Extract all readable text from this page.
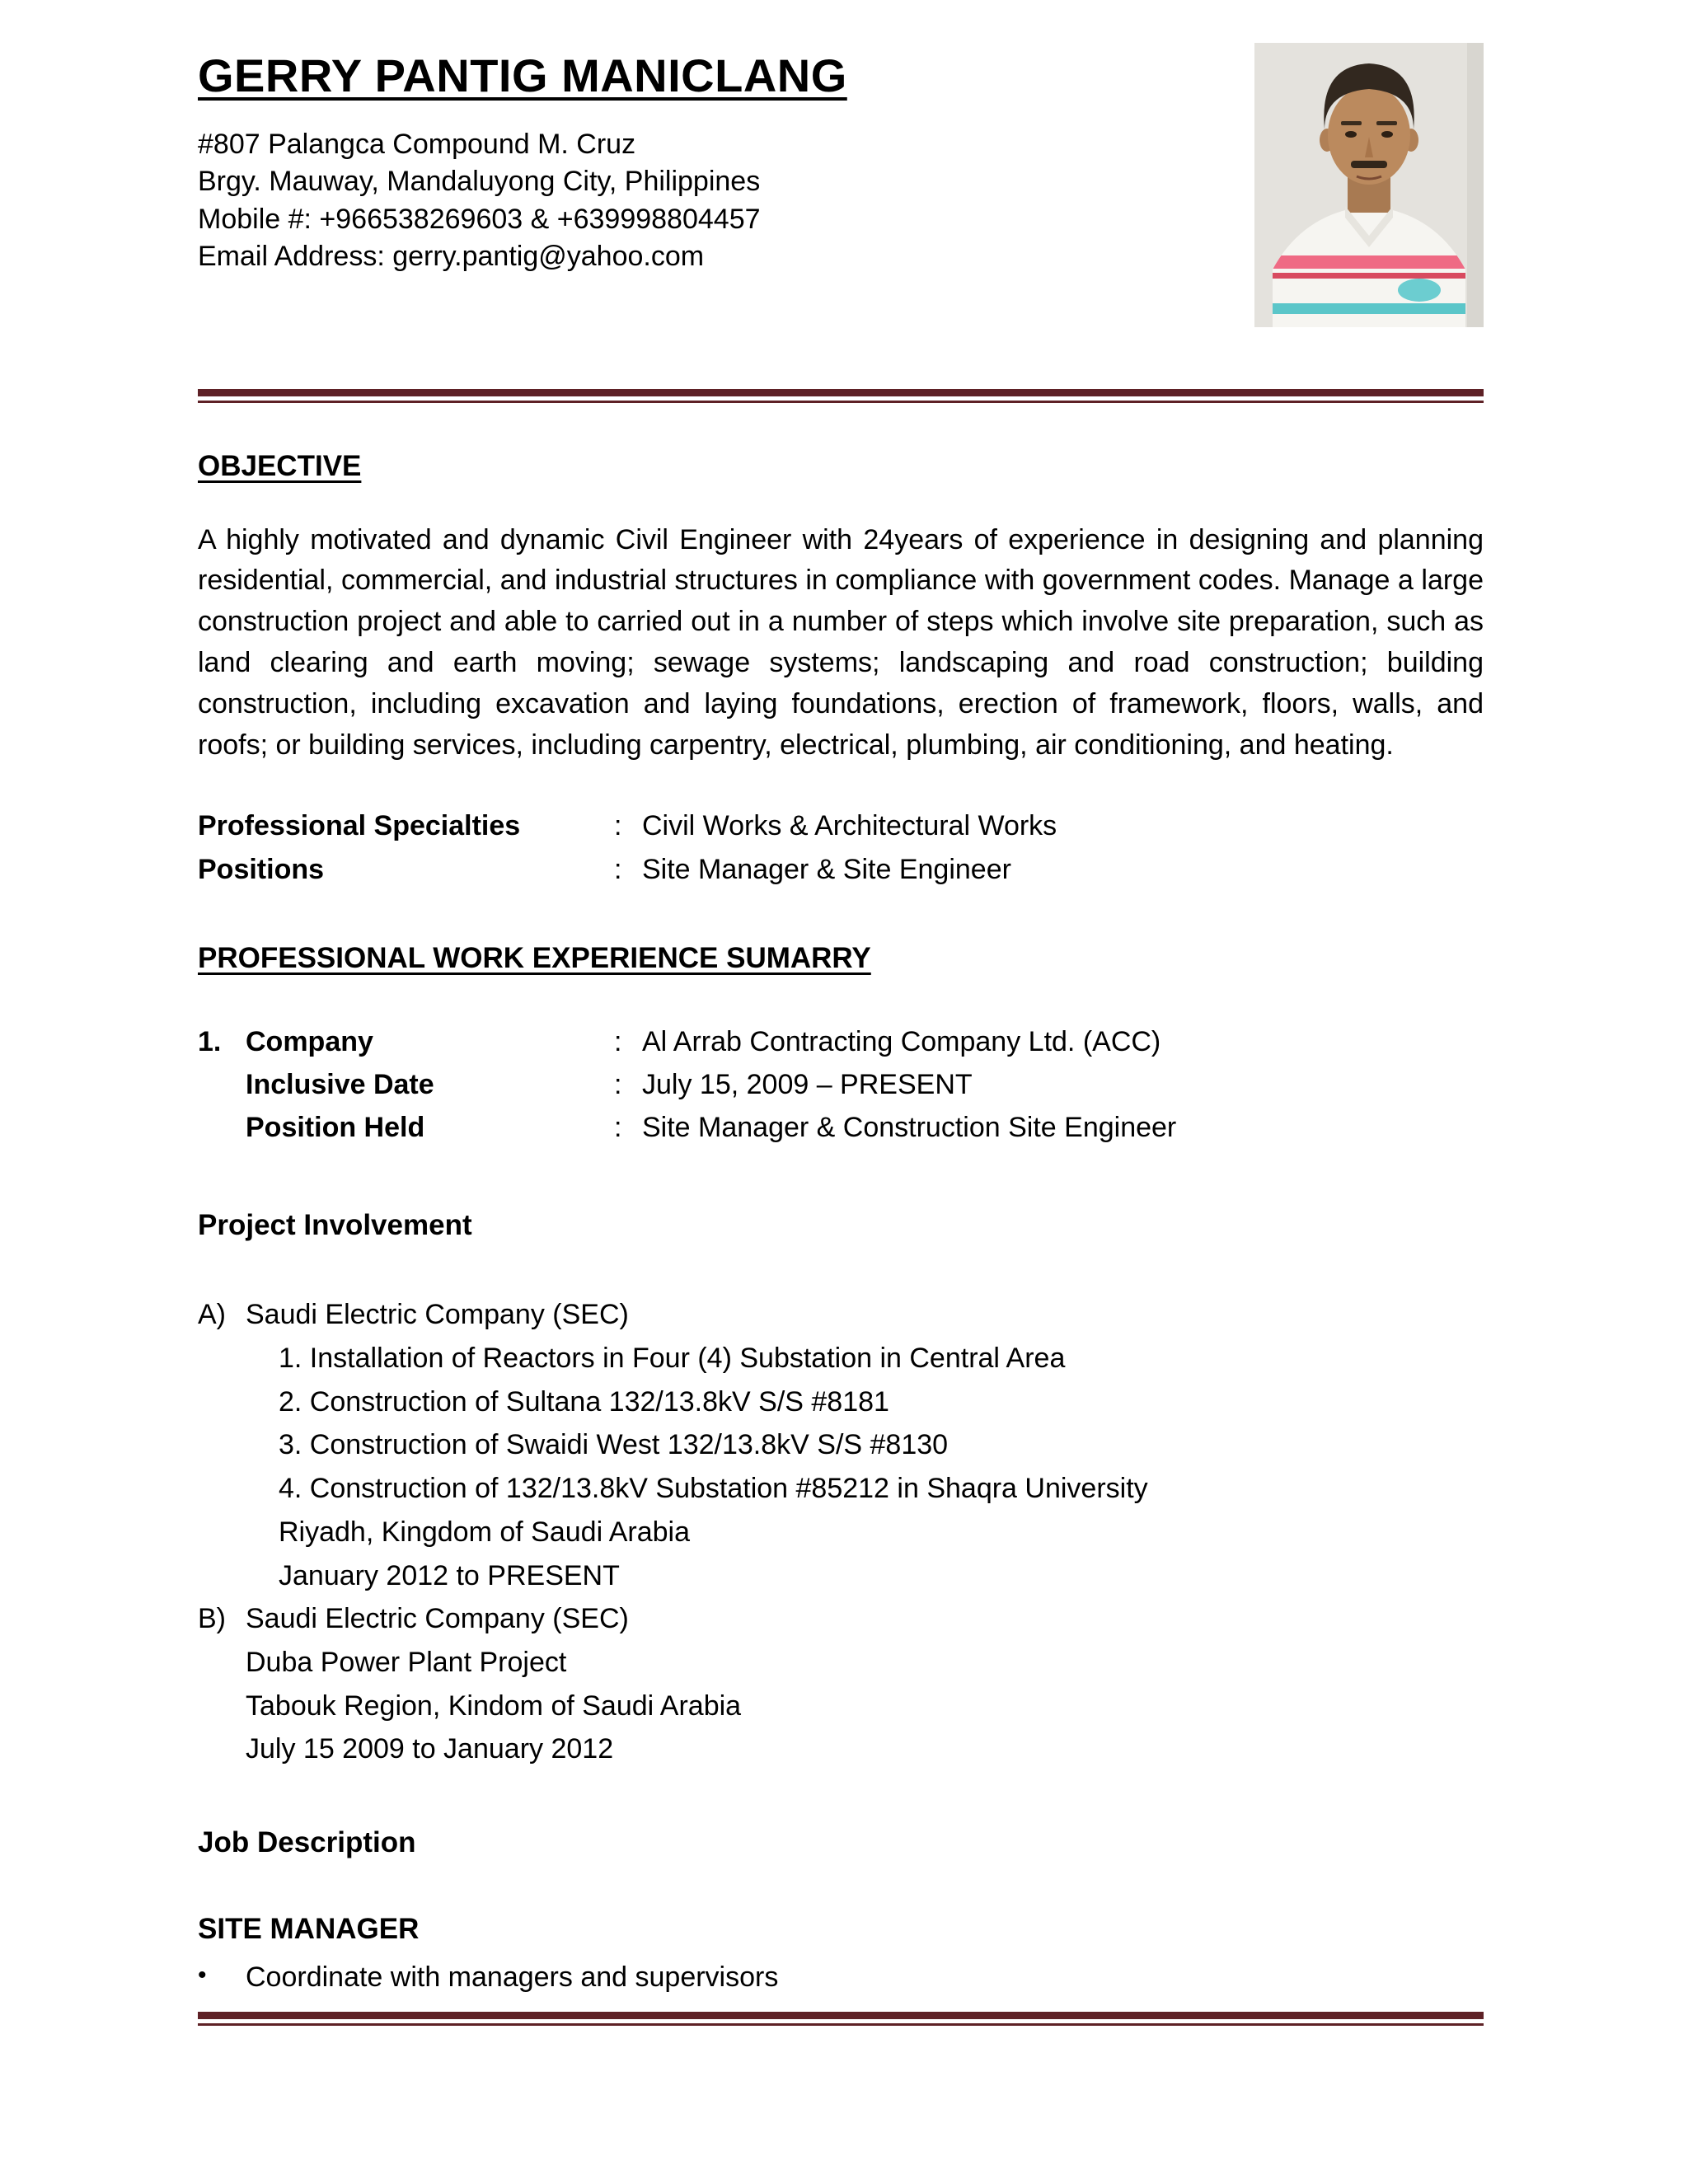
GERRY PANTIG MANICLANG
#807 Palangca Compound M. Cruz
Brgy. Mauway, Mandaluyong City, Philippines
Mobile #: +966538269603 & +639998804457
Email Address: gerry.pantig@yahoo.com
OBJECTIVE

A highly motivated and dynamic Civil Engineer with 24years of experience in designing and planning residential, commercial, and industrial structures in compliance with government codes. Manage a large construction project and able to carried out in a number of steps which involve site preparation, such as land clearing and earth moving; sewage systems; landscaping and road construction; building construction, including excavation and laying foundations, erection of framework, floors, walls, and roofs; or building services, including carpentry, electrical, plumbing, air conditioning, and heating.

Professional Specialties	: Civil Works & Architectural Works
Positions	: Site Manager & Site Engineer
PROFESSIONAL WORK EXPERIENCE SUMARRY
1. Company	: Al Arrab Contracting Company Ltd. (ACC)
Inclusive Date	: July 15, 2009 – PRESENT
Position Held	: Site Manager & Construction Site Engineer
Project Involvement
A) Saudi Electric Company (SEC)
1. Installation of Reactors in Four (4) Substation in Central Area
2. Construction of Sultana 132/13.8kV S/S #8181
3. Construction of Swaidi West 132/13.8kV S/S #8130
4. Construction of 132/13.8kV Substation #85212 in Shaqra University
Riyadh, Kingdom of Saudi Arabia
January 2012 to PRESENT
B) Saudi Electric Company (SEC)
Duba Power Plant Project
Tabouk Region, Kindom of Saudi Arabia
July 15 2009 to January 2012
Job Description
SITE MANAGER
•	Coordinate with managers and supervisors
